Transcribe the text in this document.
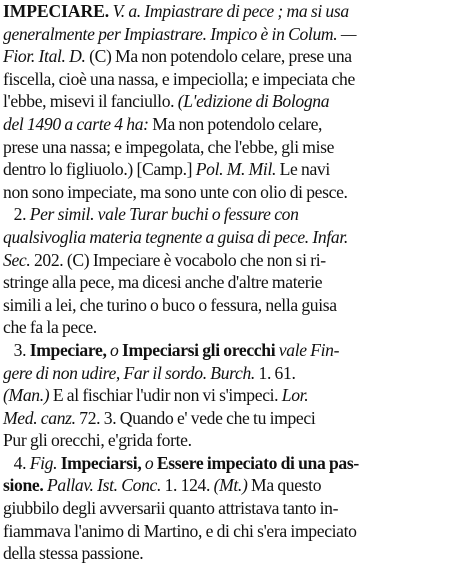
IMPECIARE. V. a. Impiastrare di pece ; ma si usa
generalmente per Impiastrare. Impico è in Colum. —
Fior. Ital. D. (C) Ma non potendolo celare, prese una
fiscella, cioè una nassa, e impeciolla; e impeciata che
l'ebbe, misevi il fanciullo. (L'edizione di Bologna
del 1490 a carte 4 ha: Ma non potendolo celare,
prese una nassa; e impegolata, che l'ebbe, gli mise
dentro lo figliuolo.) [Camp.] Pol. M. Mil. Le navi
non sono impeciate, ma sono unte con olio di pesce.
2. Per simil. vale Turar buchi o fessure con
qualsivoglia materia tegnente a guisa di pece. Infar.
Sec. 202. (C) Impeciare è vocabolo che non si ri-
stringe alla pece, ma dicesi anche d'altre materie
simili a lei, che turino o buco o fessura, nella guisa
che fa la pece.
3. Impeciare, o Impeciarsi gli orecchi vale Fin-
gere di non udire, Far il sordo. Burch. 1. 61.
(Man.) E al fischiar l'udir non vi s'impeci. Lor.
Med. canz. 72. 3. Quando e' vede che tu impeci
Pur gli orecchi, e'grida forte.
4. Fig. Impeciarsi, o Essere impeciato di una pas-
sione. Pallav. Ist. Conc. 1. 124. (Mt.) Ma questo
giubbilo degli avversarii quanto attristava tanto in-
fiammava l'animo di Martino, e di chi s'era impeciato
della stessa passione.
